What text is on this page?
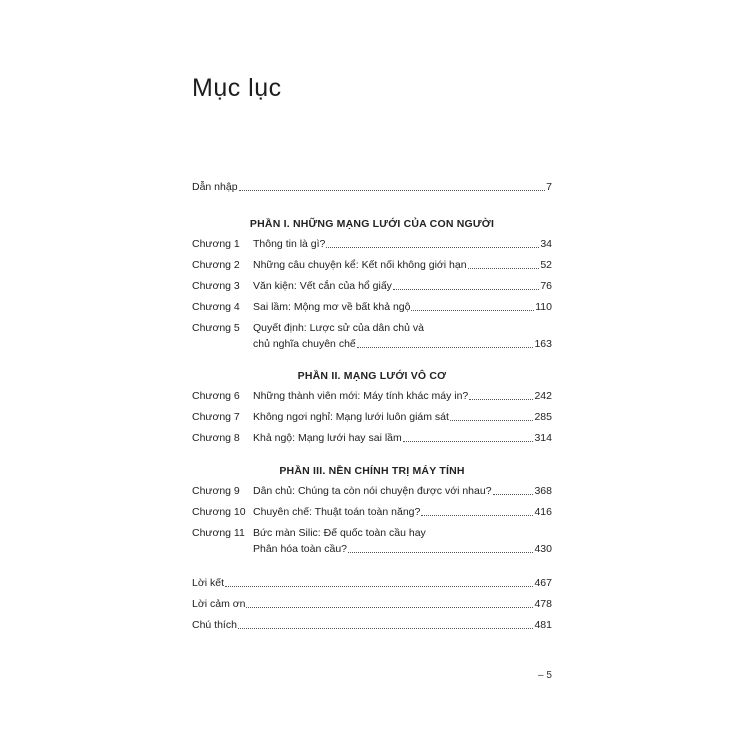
Mục lục
Dẫn nhập	7
PHẦN I. NHỮNG MẠNG LƯỚI CỦA CON NGƯỜI
Chương 1	Thông tin là gì?	34
Chương 2	Những câu chuyện kể: Kết nối không giới hạn	52
Chương 3	Văn kiện: Vết cắn của hổ giấy	76
Chương 4	Sai lầm: Mộng mơ về bất khả ngộ	110
Chương 5	Quyết định: Lược sử của dân chủ và
chủ nghĩa chuyên chế	163
PHẦN II. MẠNG LƯỚI VÔ CƠ
Chương 6	Những thành viên mới: Máy tính khác máy in?	242
Chương 7	Không ngơi nghỉ: Mạng lưới luôn giám sát	285
Chương 8	Khả ngộ: Mạng lưới hay sai lầm	314
PHẦN III. NỀN CHÍNH TRỊ MÁY TÍNH
Chương 9	Dân chủ: Chúng ta còn nói chuyện được với nhau?	368
Chương 10 Chuyên chế: Thuật toán toàn năng?	416
Chương 11 Bức màn Silic: Đế quốc toàn cầu hay
Phân hóa toàn cầu?	430
Lời kết	467
Lời cảm ơn	478
Chú thích	481
– 5
